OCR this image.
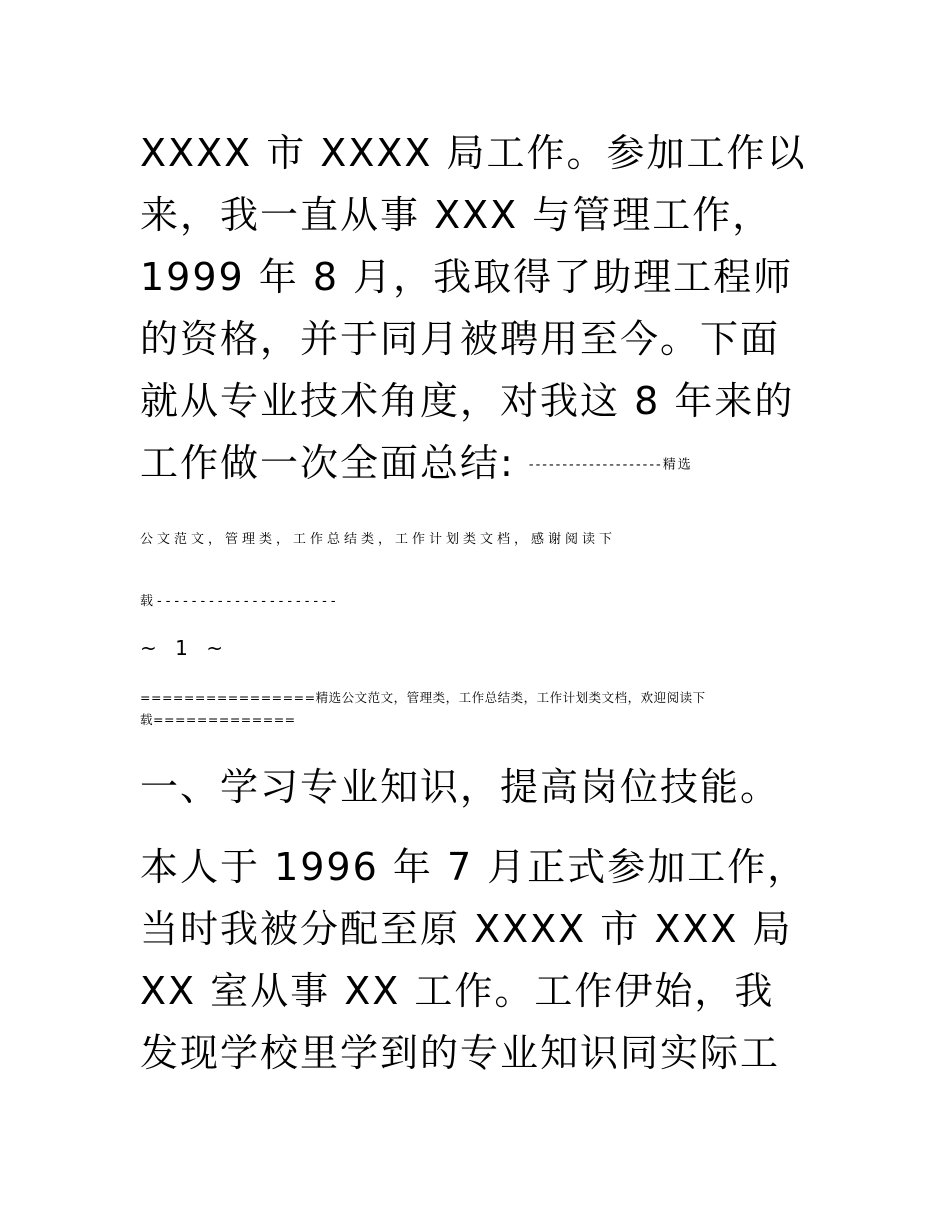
XXXX 市 XXXX 局工作。参加工作以
来，我一直从事 XXX 与管理工作，
1999 年 8 月，我取得了助理工程师
的资格，并于同月被聘用至今。下面
就从专业技术角度，对我这 8 年来的
工作做一次全面总结: --------------------精选
公文范文，管理类，工作总结类，工作计划类文档，感谢阅读下
载---------------------
~ 1 ~
================精选公文范文，管理类，工作总结类，工作计划类文档，欢迎阅读下
载=============
一、学习专业知识，提高岗位技能。
本人于 1996 年 7 月正式参加工作，
当时我被分配至原 XXXX 市 XXX 局
XX 室从事 XX 工作。工作伊始，我
发现学校里学到的专业知识同实际工
